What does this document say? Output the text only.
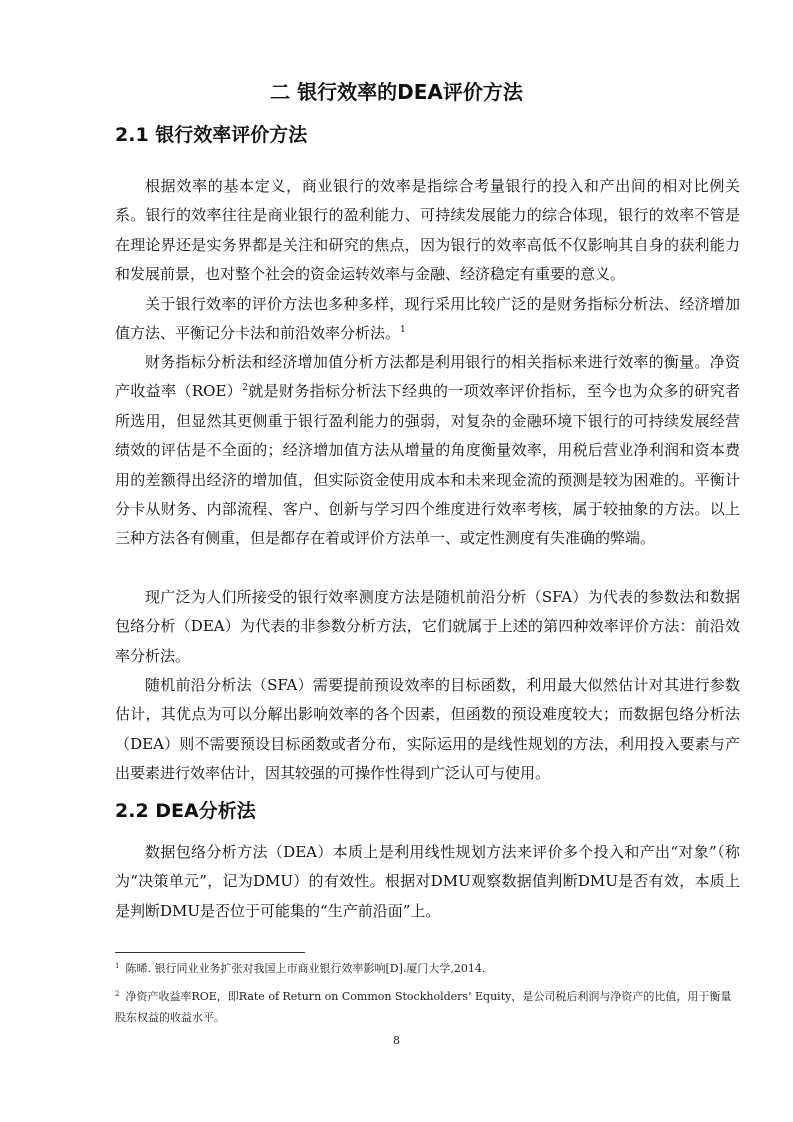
二 银行效率的DEA评价方法
2.1 银行效率评价方法

根据效率的基本定义，商业银行的效率是指综合考量银行的投入和产出间的相对比例关系。银行的效率往往是商业银行的盈利能力、可持续发展能力的综合体现，银行的效率不管是在理论界还是实务界都是关注和研究的焦点，因为银行的效率高低不仅影响其自身的获利能力和发展前景，也对整个社会的资金运转效率与金融、经济稳定有重要的意义。

关于银行效率的评价方法也多种多样，现行采用比较广泛的是财务指标分析法、经济增加值方法、平衡记分卡法和前沿效率分析法。$^1$

财务指标分析法和经济增加值分析方法都是利用银行的相关指标来进行效率的衡量。净资产收益率（ROE）$^2$就是财务指标分析法下经典的一项效率评价指标，至今也为众多的研究者所选用，但显然其更侧重于银行盈利能力的强弱，对复杂的金融环境下银行的可持续发展经营绩效的评估是不全面的；经济增加值方法从增量的角度衡量效率，用税后营业净利润和资本费用的差额得出经济的增加值，但实际资金使用成本和未来现金流的预测是较为困难的。平衡计分卡从财务、内部流程、客户、创新与学习四个维度进行效率考核，属于较抽象的方法。以上三种方法各有侧重，但是都存在着或评价方法单一、或定性测度有失准确的弊端。

现广泛为人们所接受的银行效率测度方法是随机前沿分析（SFA）为代表的参数法和数据包络分析（DEA）为代表的非参数分析方法，它们就属于上述的第四种效率评价方法：前沿效率分析法。

随机前沿分析法（SFA）需要提前预设效率的目标函数，利用最大似然估计对其进行参数估计，其优点为可以分解出影响效率的各个因素，但函数的预设难度较大；而数据包络分析法（DEA）则不需要预设目标函数或者分布，实际运用的是线性规划的方法，利用投入要素与产出要素进行效率估计，因其较强的可操作性得到广泛认可与使用。

2.2 DEA分析法

数据包络分析方法（DEA）本质上是利用线性规划方法来评价多个投入和产出“对象”（称为“决策单元”，记为DMU）的有效性。根据对DMU观察数据值判断DMU是否有效，本质上是判断DMU是否位于可能集的“生产前沿面”上。

$^1$ 陈晞. 银行同业业务扩张对我国上市商业银行效率影响[D].厦门大学,2014.

$^2$ 净资产收益率ROE，即Rate of Return on Common Stockholders’ Equity，是公司税后利润与净资产的比值，用于衡量股东权益的收益水平。

8
